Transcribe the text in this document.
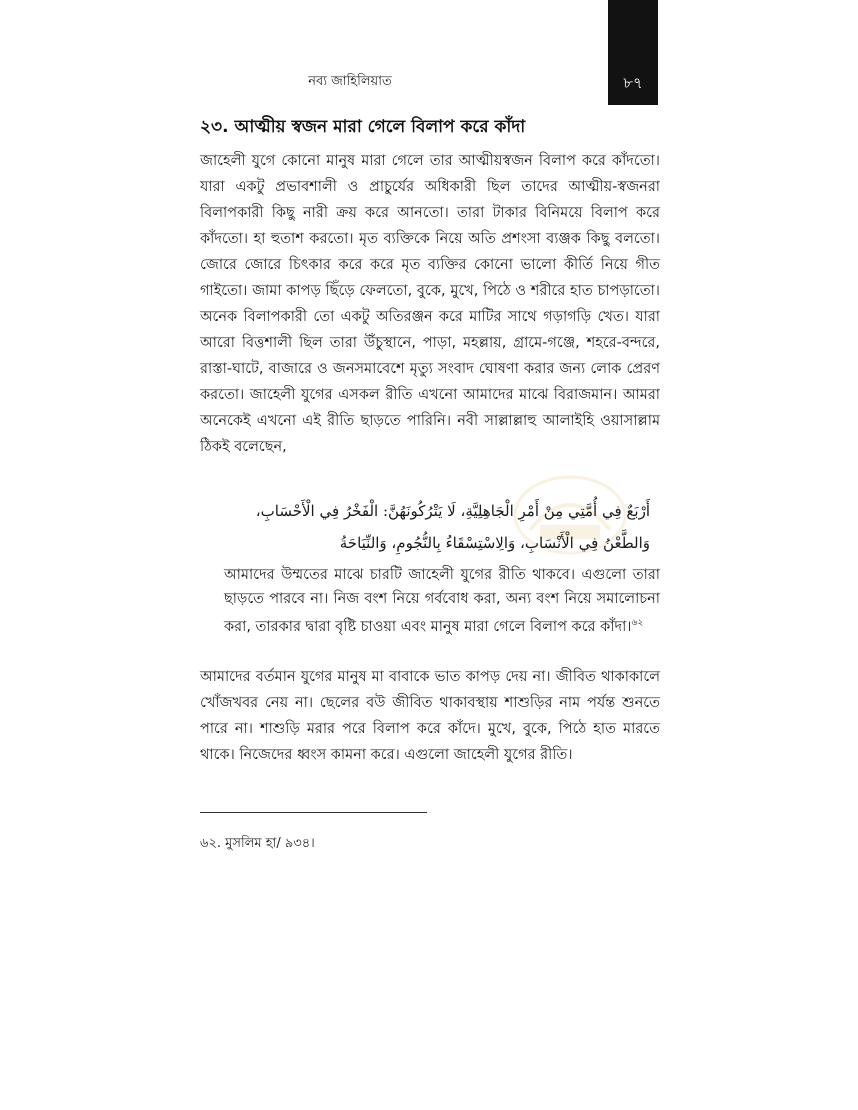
৮৭
নব্য জাহিলিয়াত
২৩. আত্মীয় স্বজন মারা গেলে বিলাপ করে কাঁদা
জাহেলী যুগে কোনো মানুষ মারা গেলে তার আত্মীয়স্বজন বিলাপ করে কাঁদতো। যারা একটু প্রভাবশালী ও প্রাচুর্যের অধিকারী ছিল তাদের আত্মীয়-স্বজনরা বিলাপকারী কিছু নারী ক্রয় করে আনতো। তারা টাকার বিনিময়ে বিলাপ করে কাঁদতো। হা হুতাশ করতো। মৃত ব্যক্তিকে নিয়ে অতি প্রশংসা ব্যঞ্জক কিছু বলতো। জোরে জোরে চিৎকার করে করে মৃত ব্যক্তির কোনো ভালো কীর্তি নিয়ে গীত গাইতো। জামা কাপড় ছিঁড়ে ফেলতো, বুকে, মুখে, পিঠে ও শরীরে হাত চাপড়াতো। অনেক বিলাপকারী তো একটু অতিরঞ্জন করে মাটির সাথে গড়াগড়ি খেত। যারা আরো বিত্তশালী ছিল তারা উঁচুস্থানে, পাড়া, মহল্লায়, গ্রামে-গঞ্জে, শহরে-বন্দরে, রাস্তা-ঘাটে, বাজারে ও জনসমাবেশে মৃত্যু সংবাদ ঘোষণা করার জন্য লোক প্রেরণ করতো। জাহেলী যুগের এসকল রীতি এখনো আমাদের মাঝে বিরাজমান। আমরা অনেকেই এখনো এই রীতি ছাড়তে পারিনি। নবী সাল্লাল্লাহু আলাইহি ওয়াসাল্লাম ঠিকই বলেছেন,
أَرْبَعٌ فِي أُمَّتِي مِنْ أَمْرِ الْجَاهِلِيَّةِ، لَا يَتْرُكُونَهُنَّ: الْفَخْرُ فِي الْأَحْسَابِ،
وَالطَّعْنُ فِي الْأَنْسَابِ، وَالِاسْتِسْقَاءُ بِالنُّجُومِ، وَالنِّيَاحَةُ
আমাদের উম্মতের মাঝে চারটি জাহেলী যুগের রীতি থাকবে। এগুলো তারা ছাড়তে পারবে না। নিজ বংশ নিয়ে গর্ববোধ করা, অন্য বংশ নিয়ে সমালোচনা করা, তারকার দ্বারা বৃষ্টি চাওয়া এবং মানুষ মারা গেলে বিলাপ করে কাঁদা।$^{৬২}$
আমাদের বর্তমান যুগের মানুষ মা বাবাকে ভাত কাপড় দেয় না। জীবিত থাকাকালে খোঁজখবর নেয় না। ছেলের বউ জীবিত থাকাবস্থায় শাশুড়ির নাম পর্যন্ত শুনতে পারে না। শাশুড়ি মরার পরে বিলাপ করে কাঁদে। মুখে, বুকে, পিঠে হাত মারতে থাকে। নিজেদের ধ্বংস কামনা করে। এগুলো জাহেলী যুগের রীতি।
৬২. মুসলিম হা/ ৯৩৪।
